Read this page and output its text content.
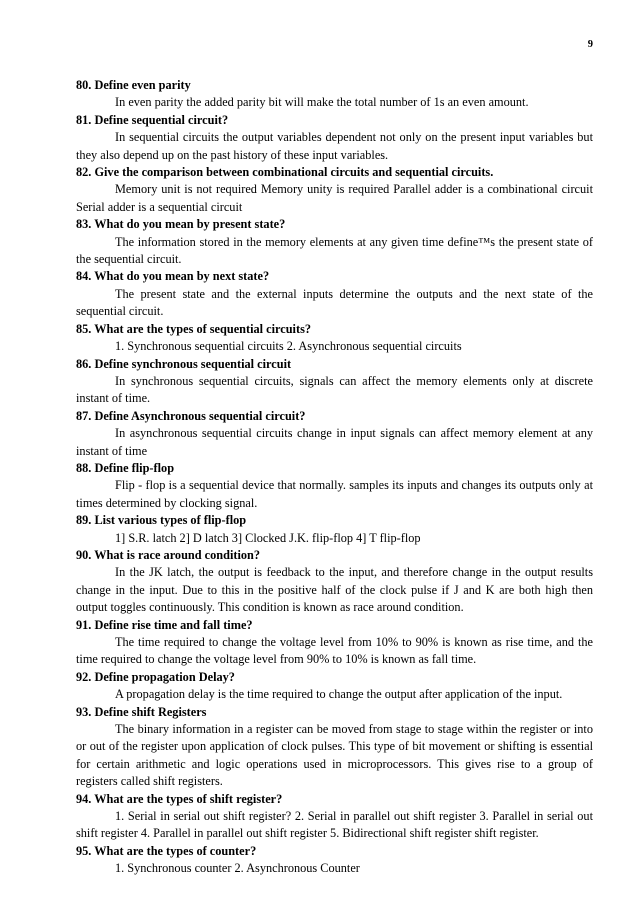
9

80. Define even parity

In even parity the added parity bit will make the total number of 1s an even amount.

81. Define sequential circuit?

In sequential circuits the output variables dependent not only on the present input variables but they also depend up on the past history of these input variables.

82. Give the comparison between combinational circuits and sequential circuits.

Memory unit is not required Memory unity is required Parallel adder is a combinational circuit Serial adder is a sequential circuit

83. What do you mean by present state?

The information stored in the memory elements at any given time define™s the present state of the sequential circuit.

84. What do you mean by next state?

The present state and the external inputs determine the outputs and the next state of the sequential circuit.

85. What are the types of sequential circuits?

1. Synchronous sequential circuits 2. Asynchronous sequential circuits

86. Define synchronous sequential circuit

In synchronous sequential circuits, signals can affect the memory elements only at discrete instant of time.

87. Define Asynchronous sequential circuit?

In asynchronous sequential circuits change in input signals can affect memory element at any instant of time

88. Define flip-flop

Flip - flop is a sequential device that normally. samples its inputs and changes its outputs only at times determined by clocking signal.

89. List various types of flip-flop

1] S.R. latch 2] D latch 3] Clocked J.K. flip-flop 4] T flip-flop

90. What is race around condition?

In the JK latch, the output is feedback to the input, and therefore change in the output results change in the input. Due to this in the positive half of the clock pulse if J and K are both high then output toggles continuously. This condition is known as race around condition.

91. Define rise time and fall time?

The time required to change the voltage level from 10% to 90% is known as rise time, and the time required to change the voltage level from 90% to 10% is known as fall time.

92. Define propagation Delay?

A propagation delay is the time required to change the output after application of the input.

93. Define shift Registers

The binary information in a register can be moved from stage to stage within the register or into or out of the register upon application of clock pulses. This type of bit movement or shifting is essential for certain arithmetic and logic operations used in microprocessors. This gives rise to a group of registers called shift registers.

94. What are the types of shift register?

1. Serial in serial out shift register? 2. Serial in parallel out shift register 3. Parallel in serial out shift register 4. Parallel in parallel out shift register 5. Bidirectional shift register shift register.

95. What are the types of counter?

1. Synchronous counter 2. Asynchronous Counter
